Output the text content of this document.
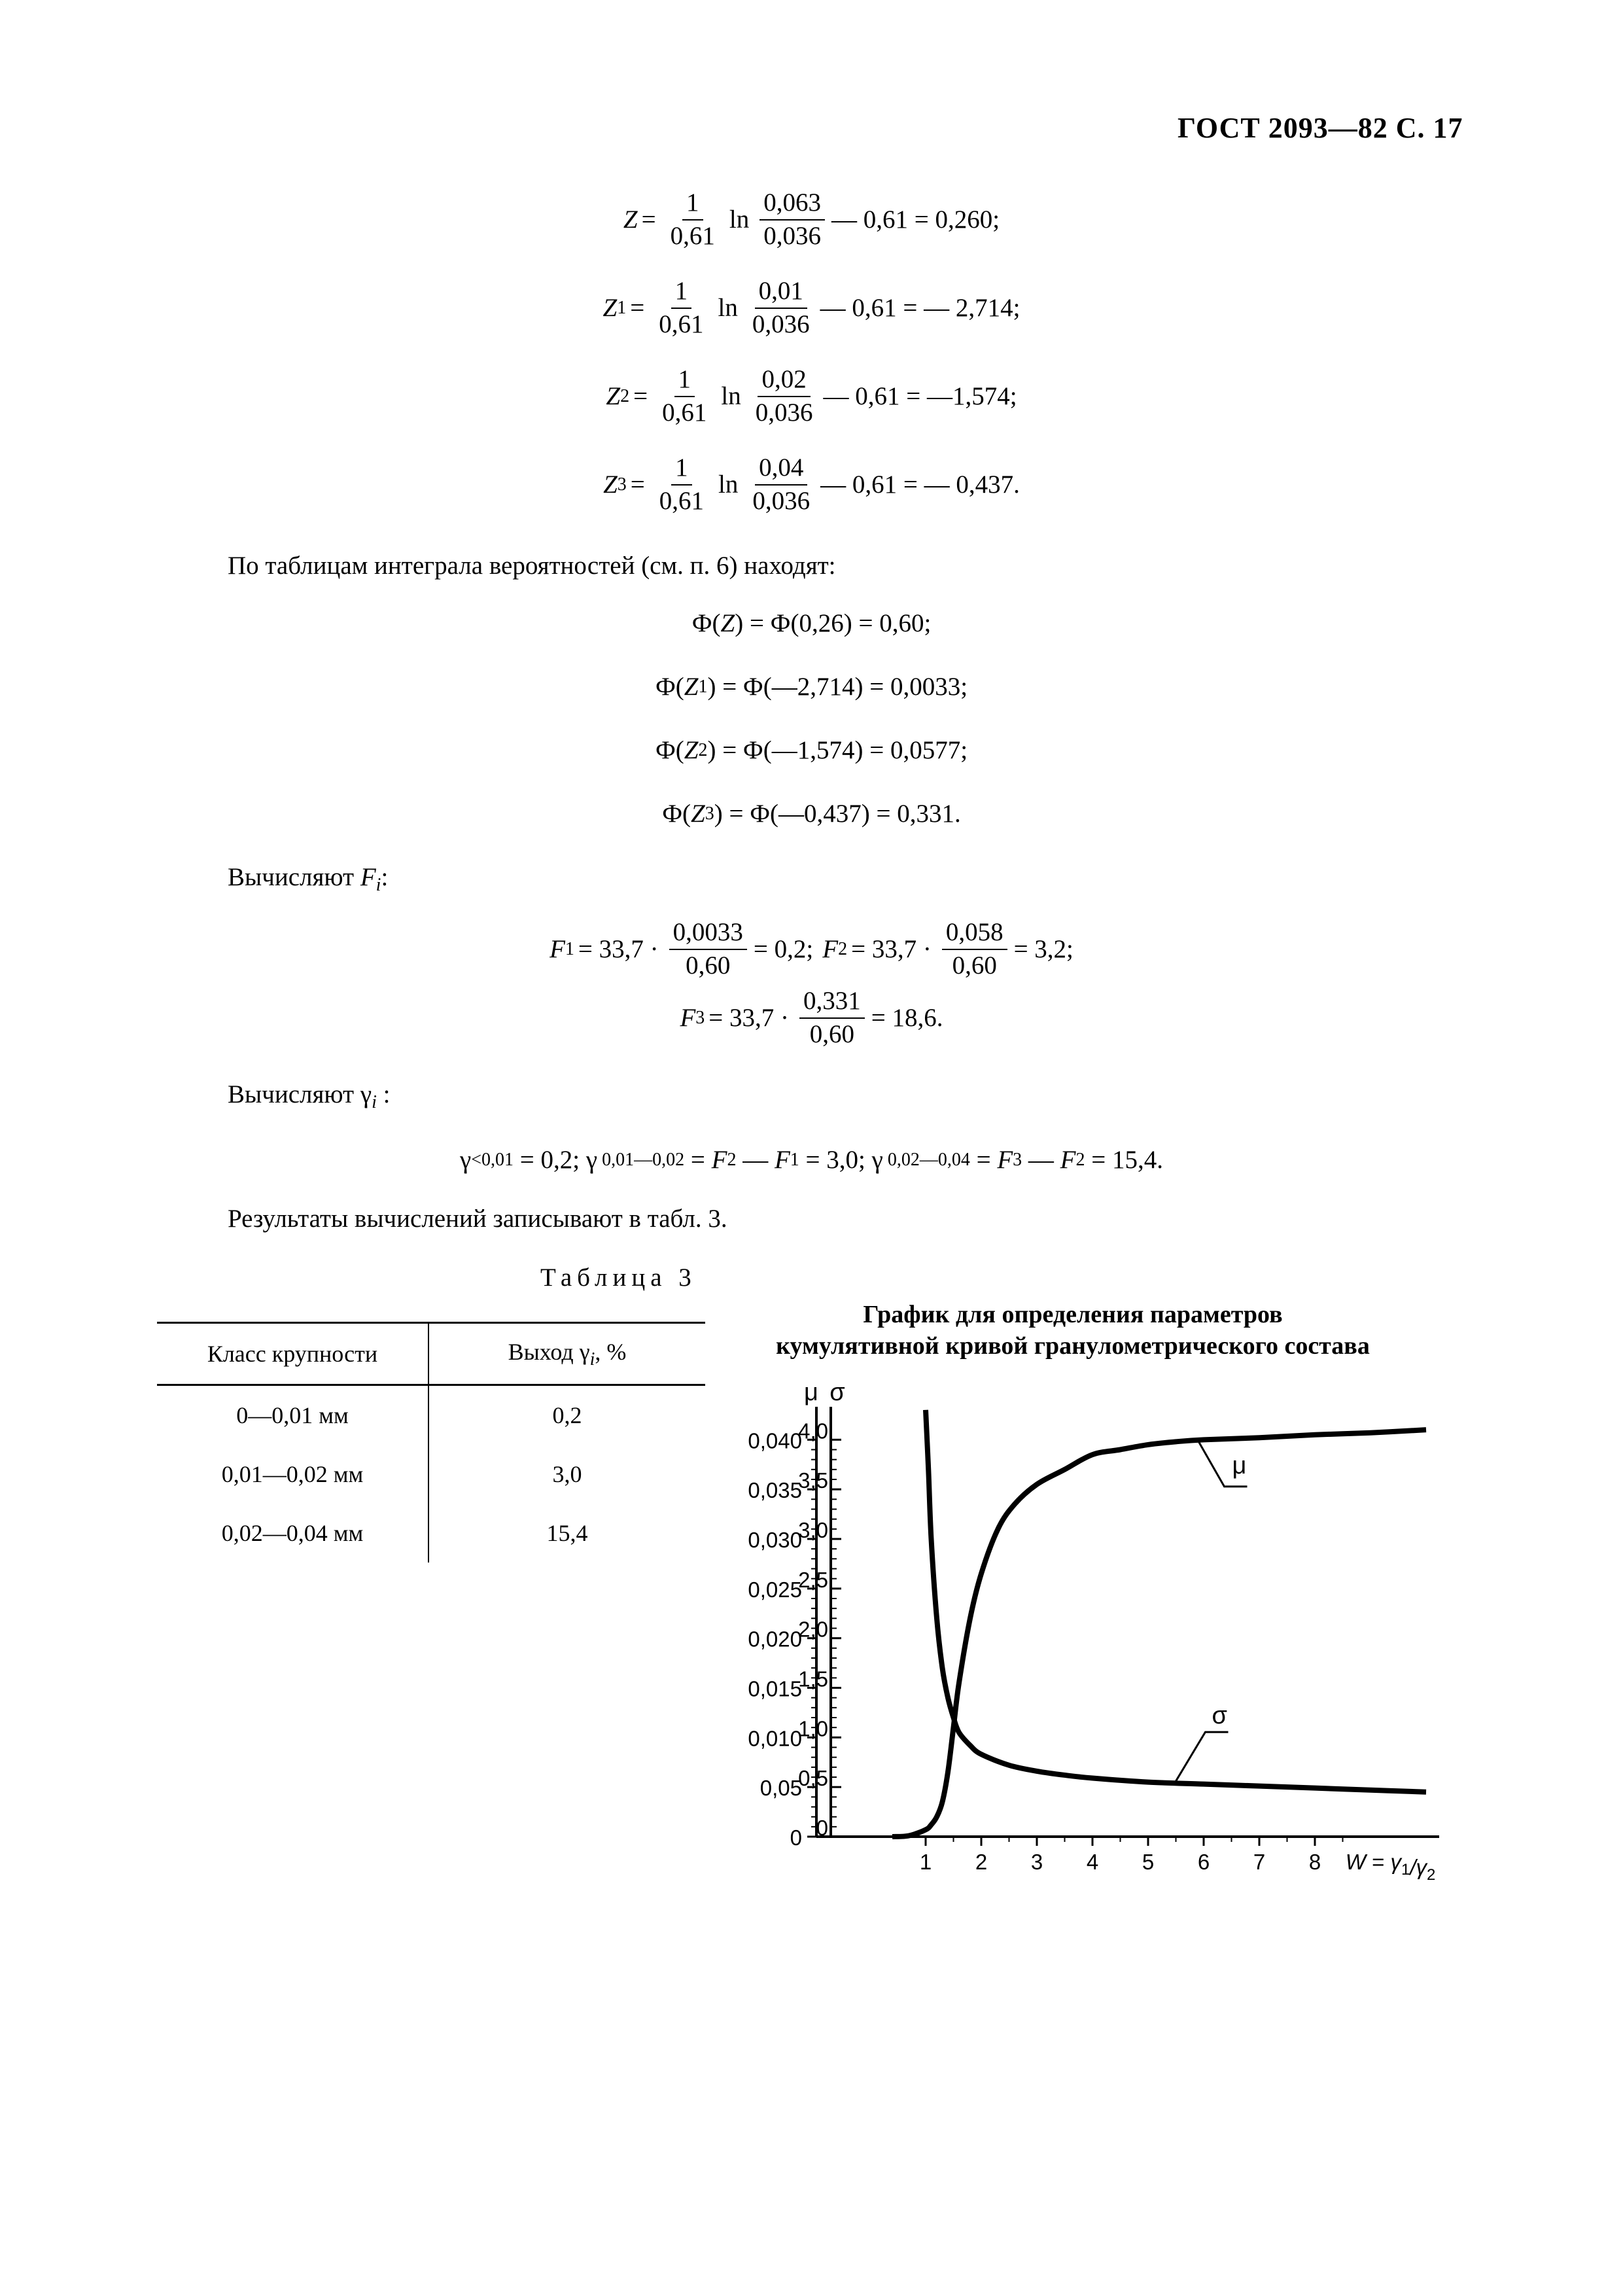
ГОСТ 2093—82 С. 17
$Z = \frac{1}{0,61}$ $\ln \frac{0,063}{0,036}$ — 0,61 = 0,260;
Z $1 = \frac{1}{0,61}$ $\ln \frac{0,01}{0,036}$ — 0,61 = — 2,714;
Z $2 = \frac{1}{0,61}$ $\ln \frac{0,02}{0,036}$ — 0,61 = —1,574;
Z $3 = \frac{1}{0,61}$ $\ln \frac{0,04}{0,036}$ — 0,61 = — 0,437.
По таблицам интеграла вероятностей (см. п. 6) находят:
Ф( Z ) = Ф(0,26) = 0,60;
Ф( Z 1 ) = Ф(—2,714) = 0,0033;
Ф( Z 2 ) = Ф(—1,574) = 0,0577;
Ф( Z 3 ) = Ф(—0,437) = 0,331.
Вычисляют $F_i$:
F $1 = 33,7 \cdot \frac{0,0033}{0,60} = 0,2$; F $2 = 33,7 \cdot \frac{0,058}{0,60} = 3,2$;
F $3 = 33,7 \cdot \frac{0,331}{0,60} = 18,6$.
Вычисляют $\gamma_i$ :
γ <0,01 = 0,2; γ 0,01—0,02 = F 2 — F 1 = 3,0; γ 0,02—0,04 = F 3 — F 2 = 15,4.
Результаты вычислений записывают в табл. 3.
Таблица 3
Класс крупности	Выход $\gamma_i$, %
0—0,01 мм	0,2
0,01—0,02 мм	3,0
0,02—0,04 мм	15,4
График для определения параметров
кумулятивной кривой гранулометрического состава
μ σ
0
0,05
0,010
0,015
0,020
0,025
0,030
0,035
0,040
0
0,5
1,0
1,5
2,0
2,5
3,0
3,5
4,0
1 2 3 4 5 6 7 8 $W = \gamma_1/\gamma_2$
μ
σ
